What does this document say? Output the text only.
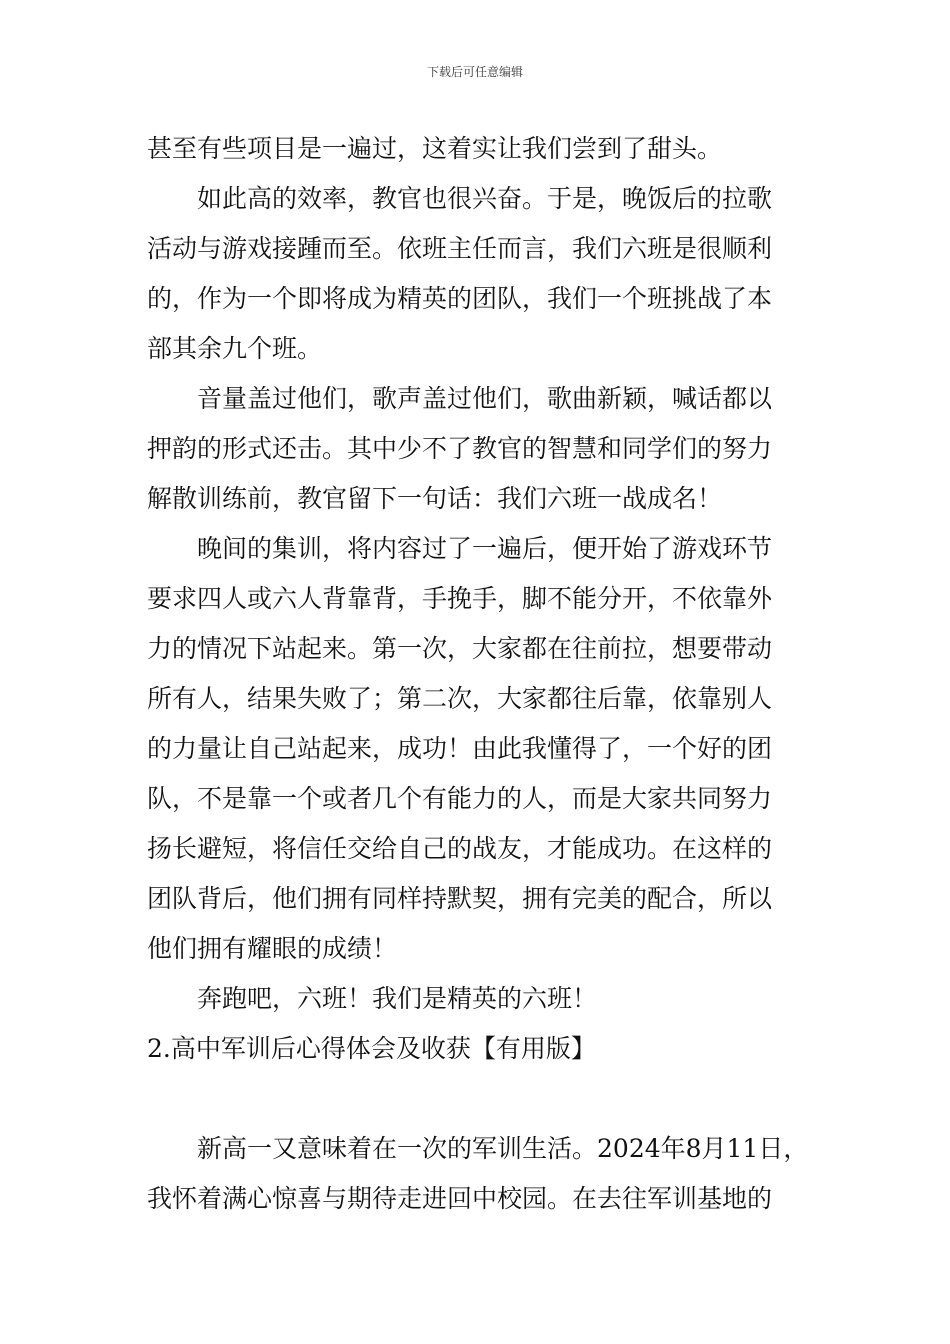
下载后可任意编辑
甚至有些项目是一遍过，这着实让我们尝到了甜头。
如此高的效率，教官也很兴奋。于是，晚饭后的拉歌
活动与游戏接踵而至。依班主任而言，我们六班是很顺利
的，作为一个即将成为精英的团队，我们一个班挑战了本
部其余九个班。
音量盖过他们，歌声盖过他们，歌曲新颖，喊话都以
押韵的形式还击。其中少不了教官的智慧和同学们的努力
解散训练前，教官留下一句话：我们六班一战成名！
晚间的集训，将内容过了一遍后，便开始了游戏环节
要求四人或六人背靠背，手挽手，脚不能分开，不依靠外
力的情况下站起来。第一次，大家都在往前拉，想要带动
所有人，结果失败了；第二次，大家都往后靠，依靠别人
的力量让自己站起来，成功！由此我懂得了，一个好的团
队，不是靠一个或者几个有能力的人，而是大家共同努力
扬长避短，将信任交给自己的战友，才能成功。在这样的
团队背后，他们拥有同样持默契，拥有完美的配合，所以
他们拥有耀眼的成绩！
奔跑吧，六班！我们是精英的六班！
2.高中军训后心得体会及收获【有用版】
新高一又意味着在一次的军训生活。2024年8月11日，
我怀着满心惊喜与期待走进回中校园。在去往军训基地的
